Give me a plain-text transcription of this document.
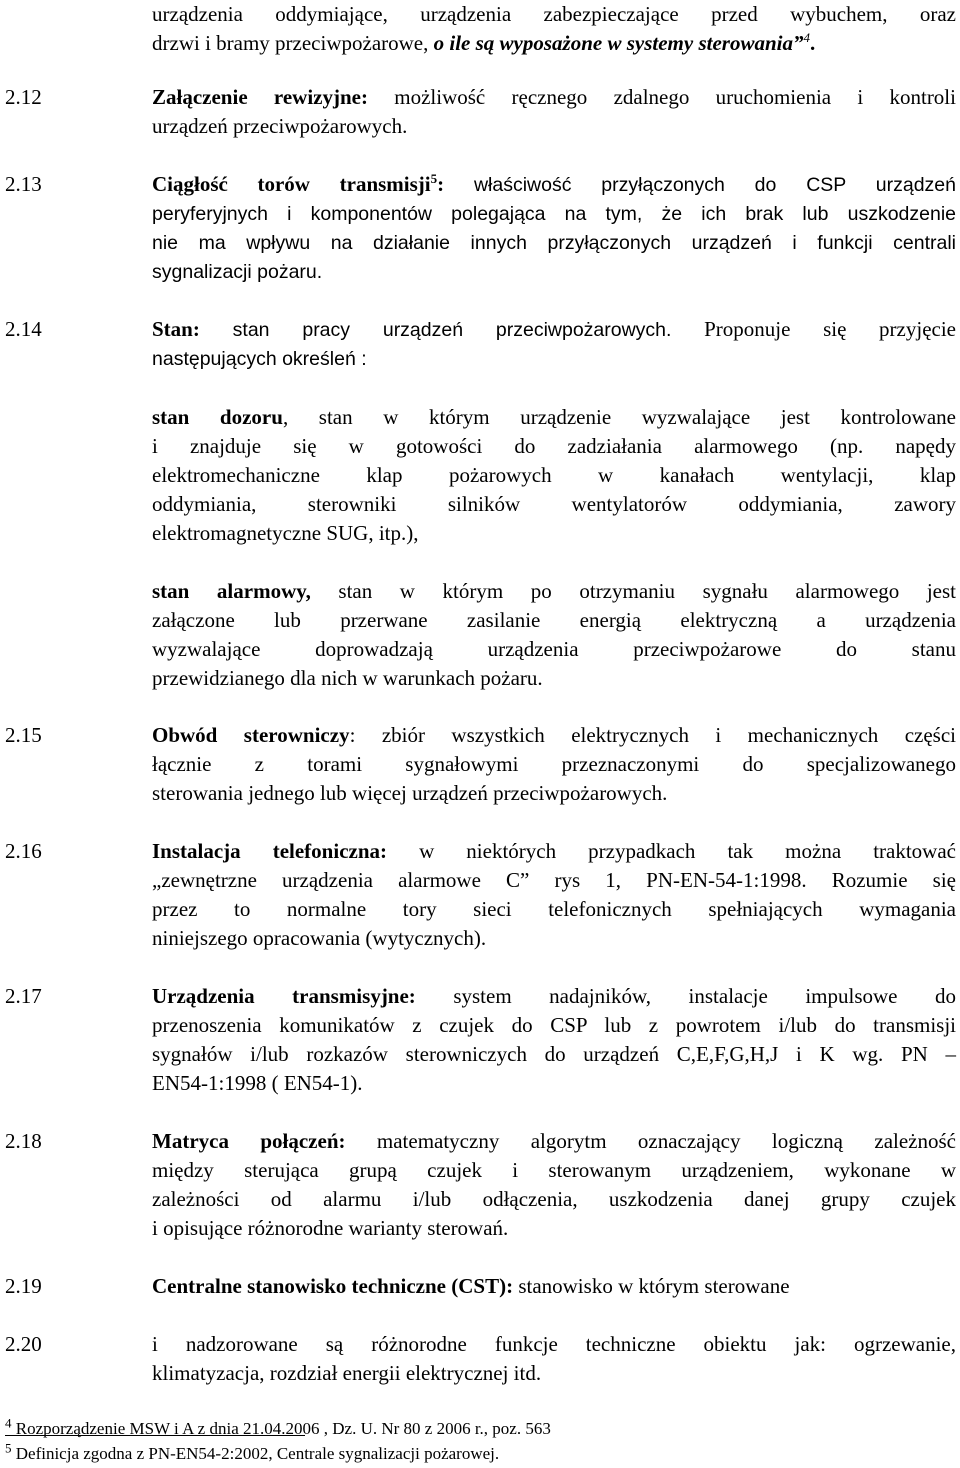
urządzenia oddymiające, urządzenia zabezpieczające przed wybuchem, oraz
drzwi i bramy przeciwpożarowe, o ile są wyposażone w systemy sterowania”$^4$.
2.12	Załączenie rewizyjne: możliwość ręcznego zdalnego uruchomienia i kontroli
urządzeń przeciwpożarowych.
2.13	Ciągłość torów transmisji$^5$: właściwość przyłączonych do CSP urządzeń
peryferyjnych i komponentów polegająca na tym, że ich brak lub uszkodzenie
nie ma wpływu na działanie innych przyłączonych urządzeń i funkcji centrali
sygnalizacji pożaru.
2.14	Stan: stan pracy urządzeń przeciwpożarowych. Proponuje się przyjęcie
następujących określeń :
stan dozoru, stan w którym urządzenie wyzwalające jest kontrolowane
i znajduje się w gotowości do zadziałania alarmowego (np. napędy
elektromechaniczne klap pożarowych w kanałach wentylacji, klap
oddymiania, sterowniki silników wentylatorów oddymiania, zawory
elektromagnetyczne SUG, itp.),
stan alarmowy, stan w którym po otrzymaniu sygnału alarmowego jest
załączone lub przerwane zasilanie energią elektryczną a urządzenia
wyzwalające doprowadzają urządzenia przeciwpożarowe do stanu
przewidzianego dla nich w warunkach pożaru.
2.15	Obwód sterowniczy: zbiór wszystkich elektrycznych i mechanicznych części
łącznie z torami sygnałowymi przeznaczonymi do specjalizowanego
sterowania jednego lub więcej urządzeń przeciwpożarowych.
2.16	Instalacja telefoniczna: w niektórych przypadkach tak można traktować
„zewnętrzne urządzenia alarmowe C” rys 1, PN-EN-54-1:1998. Rozumie się
przez to normalne tory sieci telefonicznych spełniających wymagania
niniejszego opracowania (wytycznych).
2.17	Urządzenia transmisyjne: system nadajników, instalacje impulsowe do
przenoszenia komunikatów z czujek do CSP lub z powrotem i/lub do transmisji
sygnałów i/lub rozkazów sterowniczych do urządzeń C,E,F,G,H,J i K wg. PN –
EN54-1:1998 ( EN54-1).
2.18	Matryca połączeń: matematyczny algorytm oznaczający logiczną zależność
między sterująca grupą czujek i sterowanym urządzeniem, wykonane w
zależności od alarmu i/lub odłączenia, uszkodzenia danej grupy czujek
i opisujące różnorodne warianty sterowań.
2.19	Centralne stanowisko techniczne (CST): stanowisko w którym sterowane
2.20	i nadzorowane są różnorodne funkcje techniczne obiektu jak: ogrzewanie,
klimatyzacja, rozdział energii elektrycznej itd.
$^4$ Rozporządzenie MSW i A z dnia 21.04.2006 , Dz. U. Nr 80 z 2006 r., poz. 563
$^5$ Definicja zgodna z PN-EN54-2:2002, Centrale sygnalizacji pożarowej.
